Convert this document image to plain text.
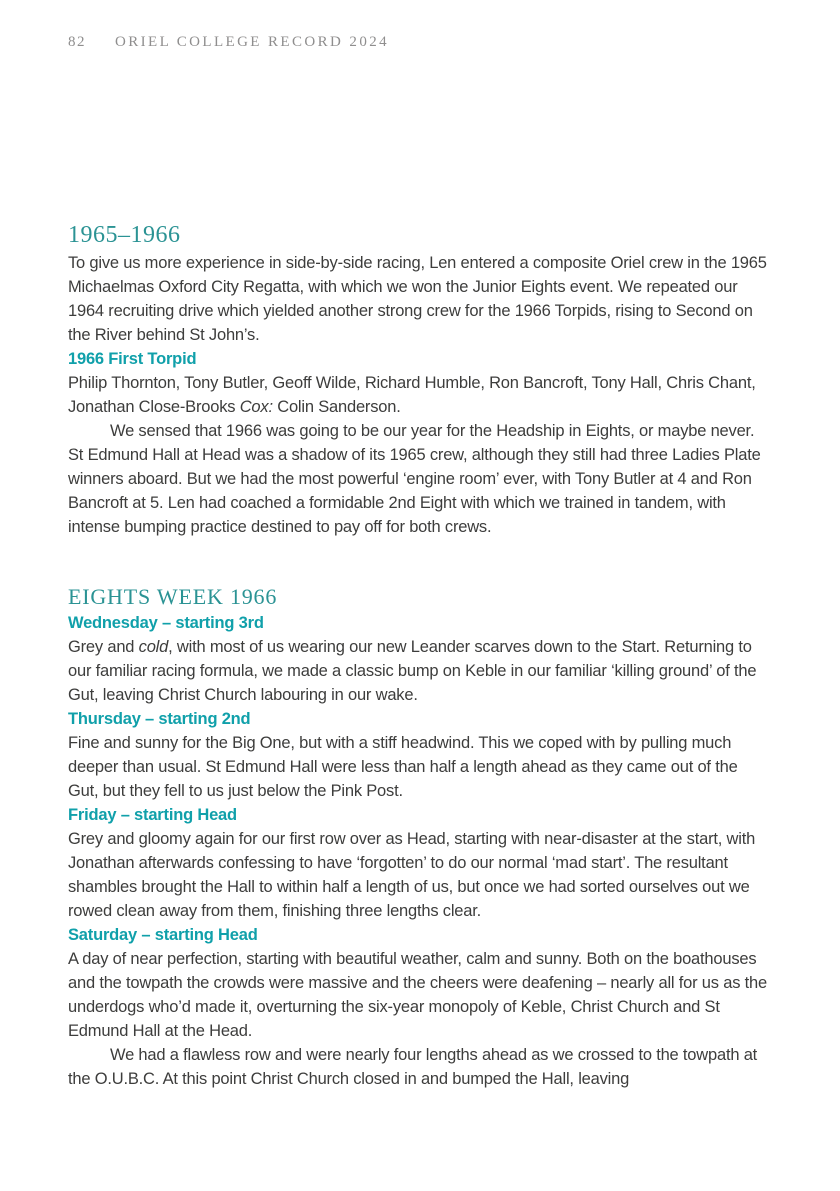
82	ORIEL COLLEGE RECORD 2024
1965–1966

To give us more experience in side-by-side racing, Len entered a composite Oriel crew in the 1965 Michaelmas Oxford City Regatta, with which we won the Junior Eights event. We repeated our 1964 recruiting drive which yielded another strong crew for the 1966 Torpids, rising to Second on the River behind St John’s.

1966 First Torpid

Philip Thornton, Tony Butler, Geoff Wilde, Richard Humble, Ron Bancroft, Tony Hall, Chris Chant, Jonathan Close-Brooks Cox: Colin Sanderson.

We sensed that 1966 was going to be our year for the Headship in Eights, or maybe never. St Edmund Hall at Head was a shadow of its 1965 crew, although they still had three Ladies Plate winners aboard. But we had the most powerful ‘engine room’ ever, with Tony Butler at 4 and Ron Bancroft at 5. Len had coached a formidable 2nd Eight with which we trained in tandem, with intense bumping practice destined to pay off for both crews.

EIGHTS WEEK 1966
Wednesday – starting 3rd

Grey and cold, with most of us wearing our new Leander scarves down to the Start. Returning to our familiar racing formula, we made a classic bump on Keble in our familiar ‘killing ground’ of the Gut, leaving Christ Church labouring in our wake.

Thursday – starting 2nd

Fine and sunny for the Big One, but with a stiff headwind. This we coped with by pulling much deeper than usual. St Edmund Hall were less than half a length ahead as they came out of the Gut, but they fell to us just below the Pink Post.

Friday – starting Head

Grey and gloomy again for our first row over as Head, starting with near-disaster at the start, with Jonathan afterwards confessing to have ‘forgotten’ to do our normal ‘mad start’. The resultant shambles brought the Hall to within half a length of us, but once we had sorted ourselves out we rowed clean away from them, finishing three lengths clear.

Saturday – starting Head

A day of near perfection, starting with beautiful weather, calm and sunny. Both on the boathouses and the towpath the crowds were massive and the cheers were deafening – nearly all for us as the underdogs who’d made it, overturning the six-year monopoly of Keble, Christ Church and St Edmund Hall at the Head.

We had a flawless row and were nearly four lengths ahead as we crossed to the towpath at the O.U.B.C. At this point Christ Church closed in and bumped the Hall, leaving
